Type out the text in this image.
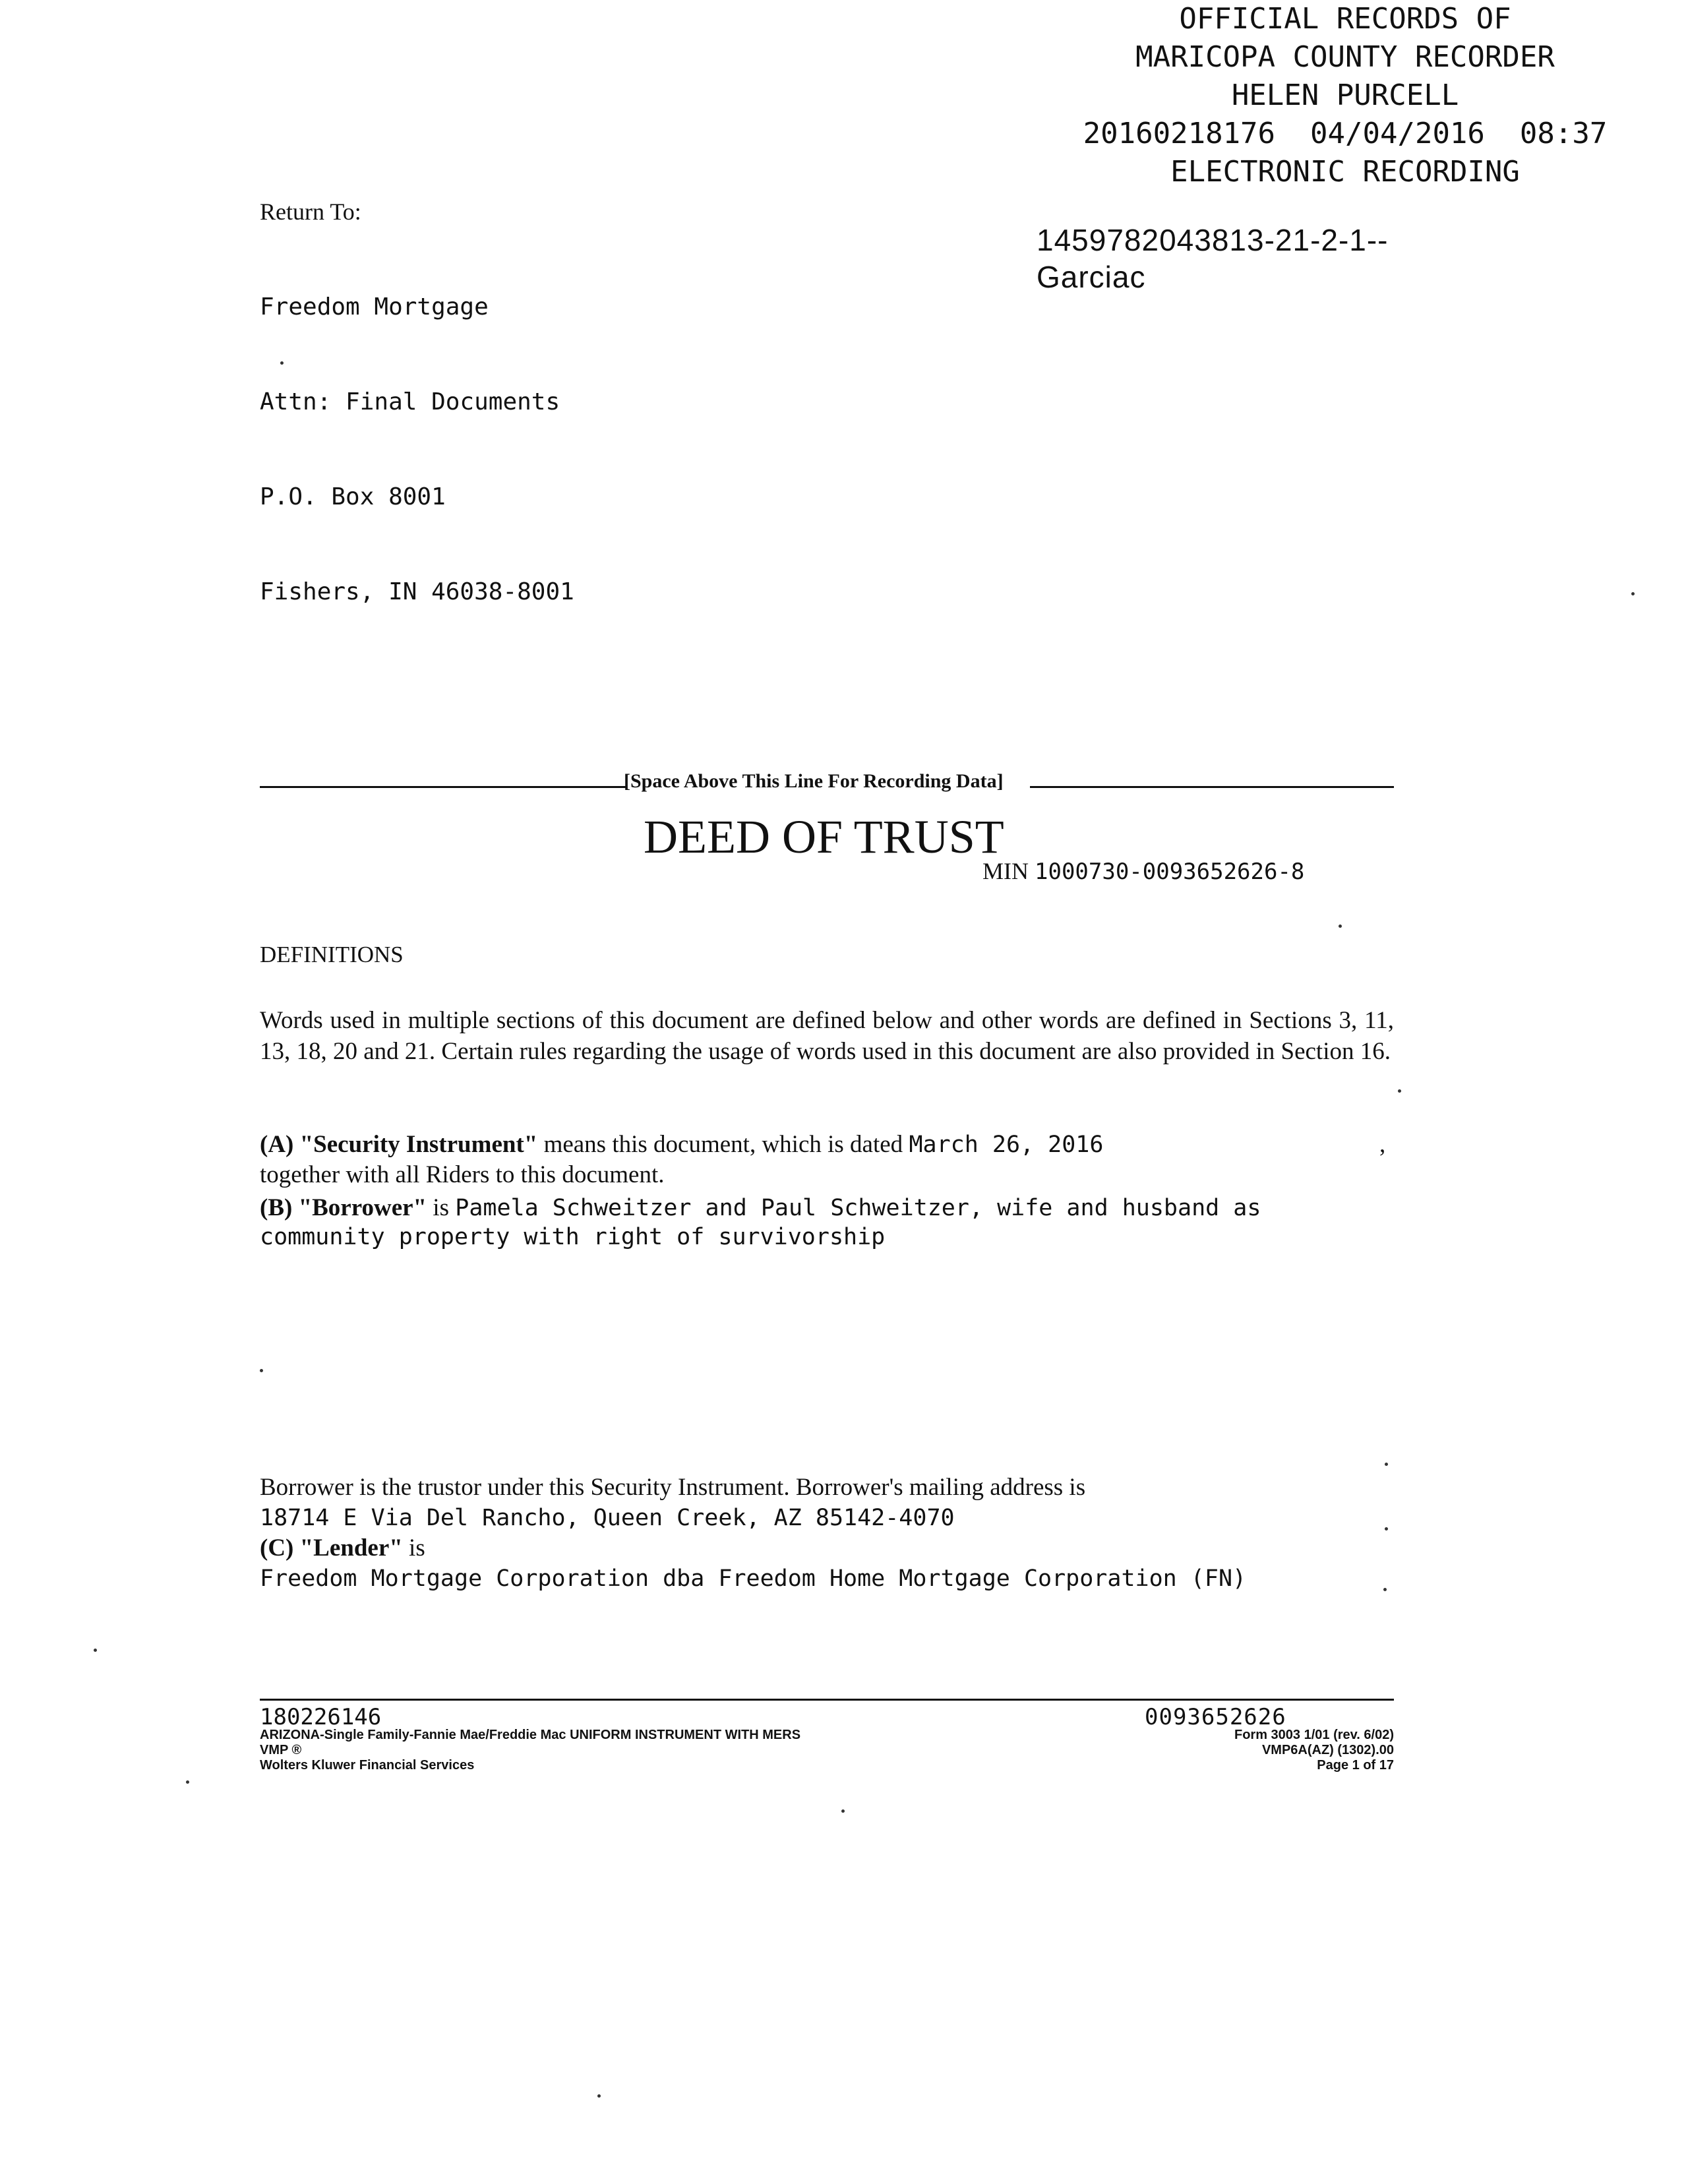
OFFICIAL RECORDS OF
MARICOPA COUNTY RECORDER
HELEN PURCELL
20160218176  04/04/2016  08:37
ELECTRONIC RECORDING
Return To:

Freedom Mortgage

Attn: Final Documents

P.O. Box 8001

Fishers, IN 46038-8001

1459782043813-21-2-1--
Garciac
[Space Above This Line For Recording Data]
DEED OF TRUST
MIN 1000730-0093652626-8
DEFINITIONS
Words used in multiple sections of this document are defined below and other words are defined in Sections 3, 11, 13, 18, 20 and 21. Certain rules regarding the usage of words used in this document are also provided in Section 16.
(A) "Security Instrument" means this document, which is dated March 26, 2016	,
together with all Riders to this document.
(B) "Borrower" is Pamela Schweitzer and Paul Schweitzer, wife and husband as
community property with right of survivorship
Borrower is the trustor under this Security Instrument. Borrower's mailing address is
18714 E Via Del Rancho, Queen Creek, AZ 85142-4070
(C) "Lender" is
Freedom Mortgage Corporation dba Freedom Home Mortgage Corporation (FN)
180226146
ARIZONA-Single Family-Fannie Mae/Freddie Mac UNIFORM INSTRUMENT WITH MERS
VMP ®
Wolters Kluwer Financial Services
0093652626
Form 3003 1/01 (rev. 6/02)
VMP6A(AZ) (1302).00
Page 1 of 17
